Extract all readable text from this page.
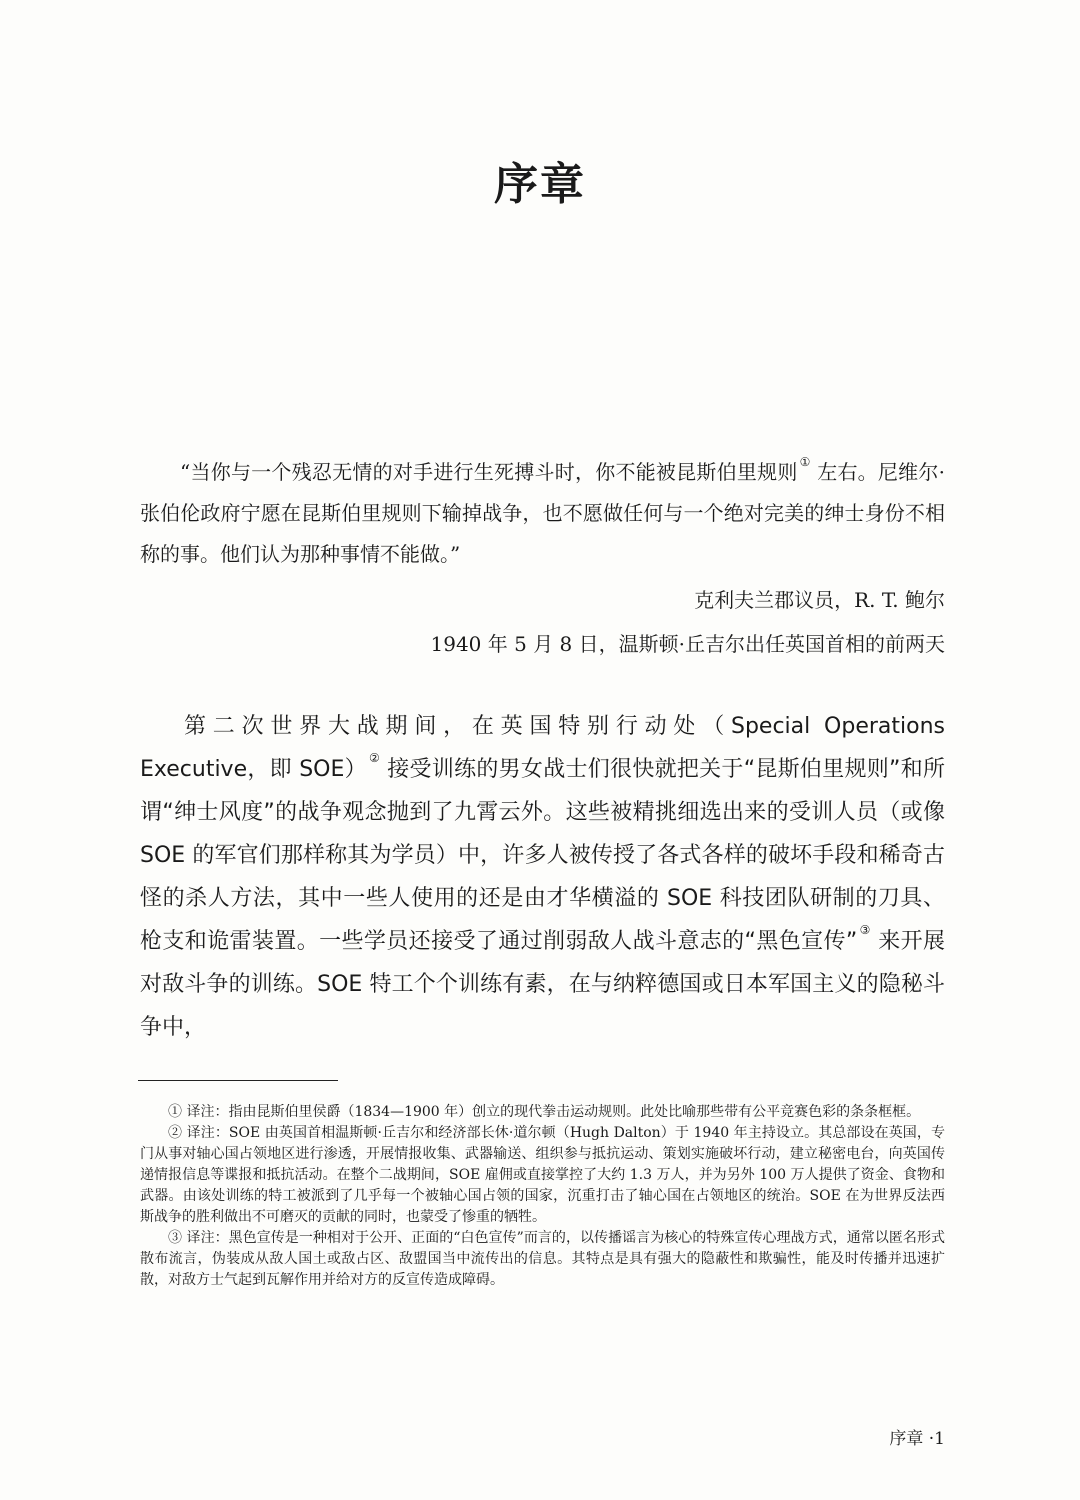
序章

“当你与一个残忍无情的对手进行生死搏斗时，你不能被昆斯伯里规则 ① 左右。尼维尔·张伯伦政府宁愿在昆斯伯里规则下输掉战争，也不愿做任何与一个绝对完美的绅士身份不相称的事。他们认为那种事情不能做。”

克利夫兰郡议员，R. T. 鲍尔
1940 年 5 月 8 日，温斯顿·丘吉尔出任英国首相的前两天

第二次世界大战期间，在英国特别行动处（Special Operations Executive，即 SOE） ② 接受训练的男女战士们很快就把关于“昆斯伯里规则”和所谓“绅士风度”的战争观念抛到了九霄云外。这些被精挑细选出来的受训人员（或像 SOE 的军官们那样称其为学员）中，许多人被传授了各式各样的破坏手段和稀奇古怪的杀人方法，其中一些人使用的还是由才华横溢的 SOE 科技团队研制的刀具、枪支和诡雷装置。一些学员还接受了通过削弱敌人战斗意志的“黑色宣传” ③ 来开展对敌斗争的训练。SOE 特工个个训练有素，在与纳粹德国或日本军国主义的隐秘斗争中，

① 译注：指由昆斯伯里侯爵（1834—1900 年）创立的现代拳击运动规则。此处比喻那些带有公平竞赛色彩的条条框框。

② 译注：SOE 由英国首相温斯顿·丘吉尔和经济部长休·道尔顿（Hugh Dalton）于 1940 年主持设立。其总部设在英国，专门从事对轴心国占领地区进行渗透，开展情报收集、武器输送、组织参与抵抗运动、策划实施破坏行动，建立秘密电台，向英国传递情报信息等谍报和抵抗活动。在整个二战期间，SOE 雇佣或直接掌控了大约 1.3 万人，并为另外 100 万人提供了资金、食物和武器。由该处训练的特工被派到了几乎每一个被轴心国占领的国家，沉重打击了轴心国在占领地区的统治。SOE 在为世界反法西斯战争的胜利做出不可磨灭的贡献的同时，也蒙受了惨重的牺牲。

③ 译注：黑色宣传是一种相对于公开、正面的“白色宣传”而言的，以传播谣言为核心的特殊宣传心理战方式，通常以匿名形式散布流言，伪装成从敌人国土或敌占区、敌盟国当中流传出的信息。其特点是具有强大的隐蔽性和欺骗性，能及时传播并迅速扩散，对敌方士气起到瓦解作用并给对方的反宣传造成障碍。

序章 ·1
